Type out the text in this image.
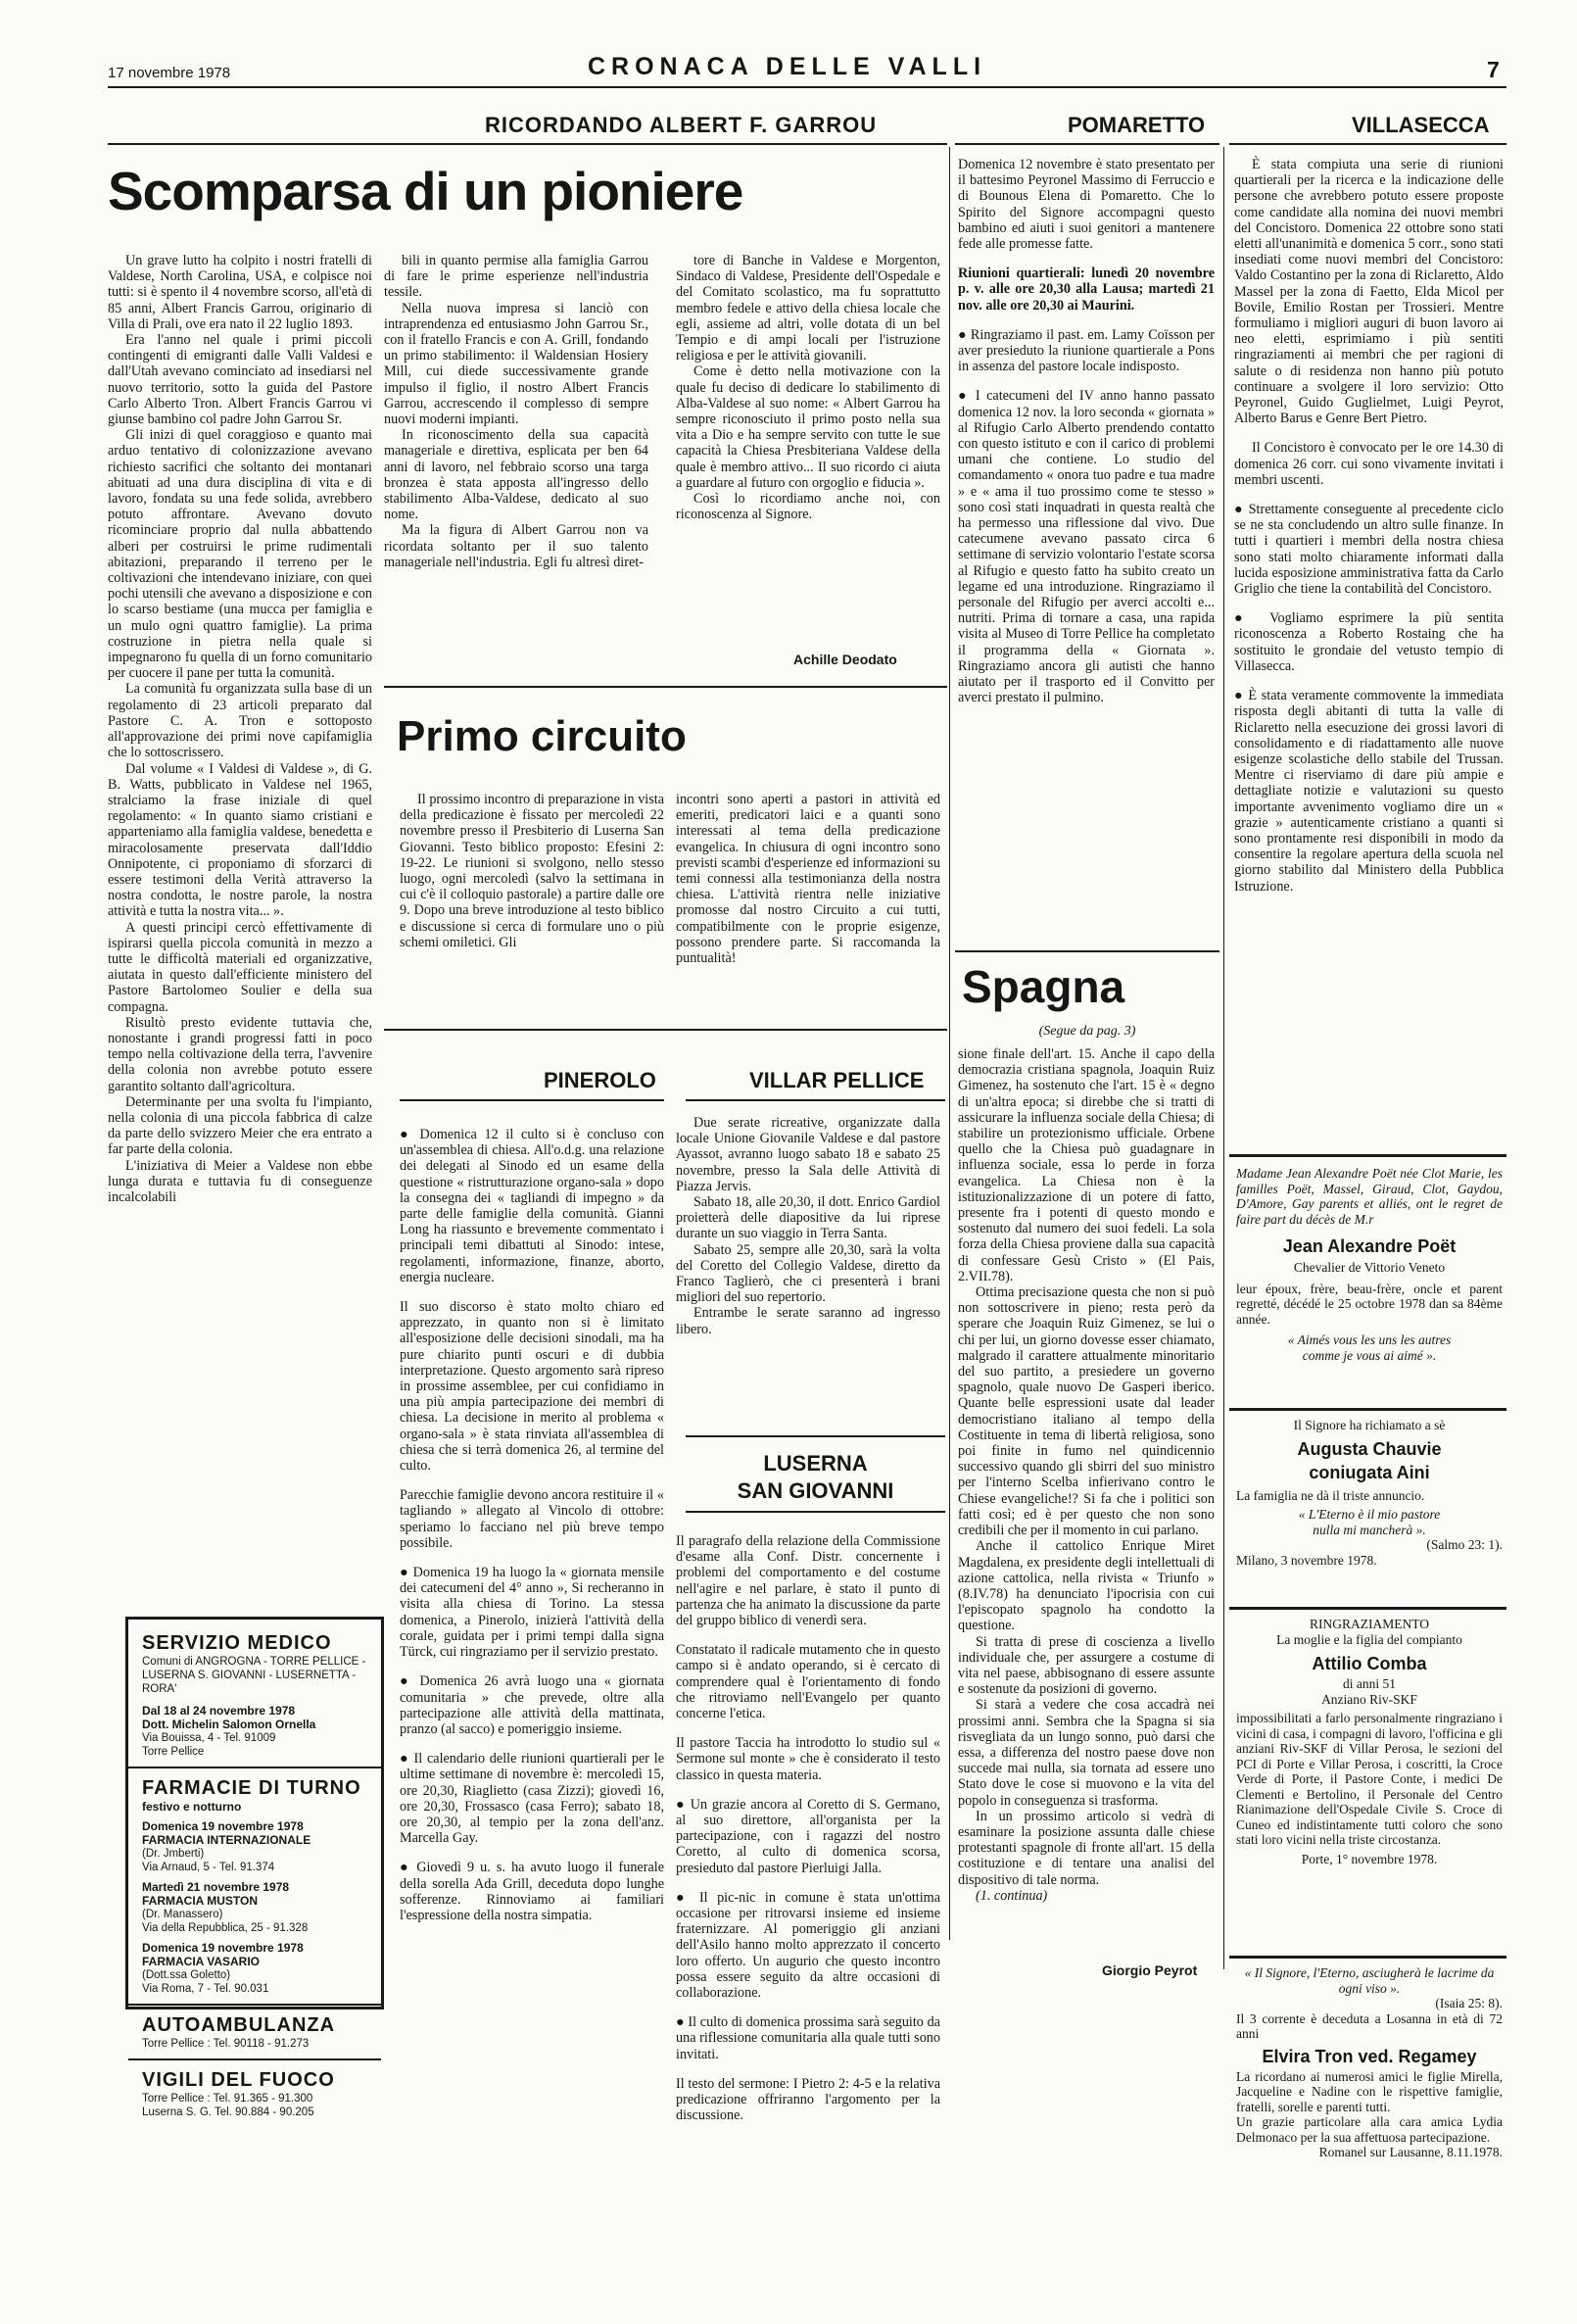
17 novembre 1978	CRONACA DELLE VALLI	7
RICORDANDO ALBERT F. GARROU	POMARETTO	VILLASECCA
Scomparsa di un pioniere

Un grave lutto ha colpito i nostri fratelli di Valdese, North Carolina, USA, e colpisce noi tutti: si è spento il 4 novembre scorso, all'età di 85 anni, Albert Francis Garrou, originario di Villa di Prali, ove era nato il 22 luglio 1893.

Era l'anno nel quale i primi piccoli contingenti di emigranti dalle Valli Valdesi e dall'Utah avevano cominciato ad insediarsi nel nuovo territorio, sotto la guida del Pastore Carlo Alberto Tron. Albert Francis Garrou vi giunse bambino col padre John Garrou Sr.

Gli inizi di quel coraggioso e quanto mai arduo tentativo di colonizzazione avevano richiesto sacrifici che soltanto dei montanari abituati ad una dura disciplina di vita e di lavoro, fondata su una fede solida, avrebbero potuto affrontare. Avevano dovuto ricominciare proprio dal nulla abbattendo alberi per costruirsi le prime rudimentali abitazioni, preparando il terreno per le coltivazioni che intendevano iniziare, con quei pochi utensili che avevano a disposizione e con lo scarso bestiame (una mucca per famiglia e un mulo ogni quattro famiglie). La prima costruzione in pietra nella quale si impegnarono fu quella di un forno comunitario per cuocere il pane per tutta la comunità.

La comunità fu organizzata sulla base di un regolamento di 23 articoli preparato dal Pastore C. A. Tron e sottoposto all'approvazione dei primi nove capifamiglia che lo sottoscrissero.

Dal volume « I Valdesi di Valdese », di G. B. Watts, pubblicato in Valdese nel 1965, stralciamo la frase iniziale di quel regolamento: « In quanto siamo cristiani e apparteniamo alla famiglia valdese, benedetta e miracolosamente preservata dall'Iddio Onnipotente, ci proponiamo di sforzarci di essere testimoni della Verità attraverso la nostra condotta, le nostre parole, la nostra attività e tutta la nostra vita... ».

A questi principi cercò effettivamente di ispirarsi quella piccola comunità in mezzo a tutte le difficoltà materiali ed organizzative, aiutata in questo dall'efficiente ministero del Pastore Bartolomeo Soulier e della sua compagna.

Risultò presto evidente tuttavia che, nonostante i grandi progressi fatti in poco tempo nella coltivazione della terra, l'avvenire della colonia non avrebbe potuto essere garantito soltanto dall'agricoltura.

Determinante per una svolta fu l'impianto, nella colonia di una piccola fabbrica di calze da parte dello svizzero Meier che era entrato a far parte della colonia.

L'iniziativa di Meier a Valdese non ebbe lunga durata e tuttavia fu di conseguenze incalcolabili

bili in quanto permise alla famiglia Garrou di fare le prime esperienze nell'industria tessile.

Nella nuova impresa si lanciò con intraprendenza ed entusiasmo John Garrou Sr., con il fratello Francis e con A. Grill, fondando un primo stabilimento: il Waldensian Hosiery Mill, cui diede successivamente grande impulso il figlio, il nostro Albert Francis Garrou, accrescendo il complesso di sempre nuovi moderni impianti.

In riconoscimento della sua capacità manageriale e direttiva, esplicata per ben 64 anni di lavoro, nel febbraio scorso una targa bronzea è stata apposta all'ingresso dello stabilimento Alba-Valdese, dedicato al suo nome.

Ma la figura di Albert Garrou non va ricordata soltanto per il suo talento manageriale nell'industria. Egli fu altresì diret-

tore di Banche in Valdese e Morgenton, Sindaco di Valdese, Presidente dell'Ospedale e del Comitato scolastico, ma fu soprattutto membro fedele e attivo della chiesa locale che egli, assieme ad altri, volle dotata di un bel Tempio e di ampi locali per l'istruzione religiosa e per le attività giovanili.

Come è detto nella motivazione con la quale fu deciso di dedicare lo stabilimento di Alba-Valdese al suo nome: « Albert Garrou ha sempre riconosciuto il primo posto nella sua vita a Dio e ha sempre servito con tutte le sue capacità la Chiesa Presbiteriana Valdese della quale è membro attivo... Il suo ricordo ci aiuta a guardare al futuro con orgoglio e fiducia ».

Così lo ricordiamo anche noi, con riconoscenza al Signore.

Achille Deodato
Primo circuito

Il prossimo incontro di preparazione in vista della predicazione è fissato per mercoledì 22 novembre presso il Presbiterio di Luserna San Giovanni. Testo biblico proposto: Efesini 2: 19-22. Le riunioni si svolgono, nello stesso luogo, ogni mercoledì (salvo la settimana in cui c'è il colloquio pastorale) a partire dalle ore 9. Dopo una breve introduzione al testo biblico e discussione si cerca di formulare uno o più schemi omiletici. Gli

incontri sono aperti a pastori in attività ed emeriti, predicatori laici e a quanti sono interessati al tema della predicazione evangelica. In chiusura di ogni incontro sono previsti scambi d'esperienze ed informazioni su temi connessi alla testimonianza della nostra chiesa. L'attività rientra nelle iniziative promosse dal nostro Circuito a cui tutti, compatibilmente con le proprie esigenze, possono prendere parte. Si raccomanda la puntualità!

PINEROLO	VILLAR PELLICE

● Domenica 12 il culto si è concluso con un'assemblea di chiesa. All'o.d.g. una relazione dei delegati al Sinodo ed un esame della questione « ristrutturazione organo-sala » dopo la consegna dei « tagliandi di impegno » da parte delle famiglie della comunità. Gianni Long ha riassunto e brevemente commentato i principali temi dibattuti al Sinodo: intese, regolamenti, informazione, finanze, aborto, energia nucleare.

Il suo discorso è stato molto chiaro ed apprezzato, in quanto non si è limitato all'esposizione delle decisioni sinodali, ma ha pure chiarito punti oscuri e di dubbia interpretazione. Questo argomento sarà ripreso in prossime assemblee, per cui confidiamo in una più ampia partecipazione dei membri di chiesa. La decisione in merito al problema « organo-sala » è stata rinviata all'assemblea di chiesa che si terrà domenica 26, al termine del culto.

Parecchie famiglie devono ancora restituire il « tagliando » allegato al Vincolo di ottobre: speriamo lo facciano nel più breve tempo possibile.

● Domenica 19 ha luogo la « giornata mensile dei catecumeni del 4° anno », Si recheranno in visita alla chiesa di Torino. La stessa domenica, a Pinerolo, inizierà l'attività della corale, guidata per i primi tempi dalla signa Türck, cui ringraziamo per il servizio prestato.

● Domenica 26 avrà luogo una « giornata comunitaria » che prevede, oltre alla partecipazione alle attività della mattinata, pranzo (al sacco) e pomeriggio insieme.

● Il calendario delle riunioni quartierali per le ultime settimane di novembre è: mercoledì 15, ore 20,30, Riaglietto (casa Zizzi); giovedì 16, ore 20,30, Frossasco (casa Ferro); sabato 18, ore 20,30, al tempio per la zona dell'anz. Marcella Gay.

● Giovedì 9 u. s. ha avuto luogo il funerale della sorella Ada Grill, deceduta dopo lunghe sofferenze. Rinnoviamo ai familiari l'espressione della nostra simpatia.

Due serate ricreative, organizzate dalla locale Unione Giovanile Valdese e dal pastore Ayassot, avranno luogo sabato 18 e sabato 25 novembre, presso la Sala delle Attività di Piazza Jervis.

Sabato 18, alle 20,30, il dott. Enrico Gardiol proietterà delle diapositive da lui riprese durante un suo viaggio in Terra Santa.

Sabato 25, sempre alle 20,30, sarà la volta del Coretto del Collegio Valdese, diretto da Franco Taglierò, che ci presenterà i brani migliori del suo repertorio.

Entrambe le serate saranno ad ingresso libero.

LUSERNA
SAN GIOVANNI

Il paragrafo della relazione della Commissione d'esame alla Conf. Distr. concernente i problemi del comportamento e del costume nell'agire e nel parlare, è stato il punto di partenza che ha animato la discussione da parte del gruppo biblico di venerdì sera.

Constatato il radicale mutamento che in questo campo si è andato operando, si è cercato di comprendere qual è l'orientamento di fondo che ritroviamo nell'Evangelo per quanto concerne l'etica.

Il pastore Taccia ha introdotto lo studio sul « Sermone sul monte » che è considerato il testo classico in questa materia.

● Un grazie ancora al Coretto di S. Germano, al suo direttore, all'organista per la partecipazione, con i ragazzi del nostro Coretto, al culto di domenica scorsa, presieduto dal pastore Pierluigi Jalla.

● Il pic-nic in comune è stata un'ottima occasione per ritrovarsi insieme ed insieme fraternizzare. Al pomeriggio gli anziani dell'Asilo hanno molto apprezzato il concerto loro offerto. Un augurio che questo incontro possa essere seguito da altre occasioni di collaborazione.

● Il culto di domenica prossima sarà seguito da una riflessione comunitaria alla quale tutti sono invitati.

Il testo del sermone: I Pietro 2: 4-5 e la relativa predicazione offriranno l'argomento per la discussione.

SERVIZIO MEDICO
Comuni di ANGROGNA - TORRE PELLICE - LUSERNA S. GIOVANNI - LUSERNETTA - RORA'
Dal 18 al 24 novembre 1978
Dott. Michelin Salomon Ornella
Via Bouissa, 4 - Tel. 91009
Torre Pellice
FARMACIE DI TURNO
festivo e notturno
Domenica 19 novembre 1978
FARMACIA INTERNAZIONALE
(Dr. Jmberti)
Via Arnaud, 5 - Tel. 91.374
Martedì 21 novembre 1978
FARMACIA MUSTON
(Dr. Manassero)
Via della Repubblica, 25 - 91.328
Domenica 19 novembre 1978
FARMACIA VASARIO
(Dott.ssa Goletto)
Via Roma, 7 - Tel. 90.031
AUTOAMBULANZA
Torre Pellice : Tel. 90118 - 91.273
VIGILI DEL FUOCO
Torre Pellice : Tel. 91.365 - 91.300
Luserna S. G. Tel. 90.884 - 90.205

Domenica 12 novembre è stato presentato per il battesimo Peyronel Massimo di Ferruccio e di Bounous Elena di Pomaretto. Che lo Spirito del Signore accompagni questo bambino ed aiuti i suoi genitori a mantenere fede alle promesse fatte.

Riunioni quartierali: lunedì 20 novembre p. v. alle ore 20,30 alla Lausa; martedì 21 nov. alle ore 20,30 ai Maurini.

● Ringraziamo il past. em. Lamy Coïsson per aver presieduto la riunione quartierale a Pons in assenza del pastore locale indisposto.

● I catecumeni del IV anno hanno passato domenica 12 nov. la loro seconda « giornata » al Rifugio Carlo Alberto prendendo contatto con questo istituto e con il carico di problemi umani che contiene. Lo studio del comandamento « onora tuo padre e tua madre » e « ama il tuo prossimo come te stesso » sono così stati inquadrati in questa realtà che ha permesso una riflessione dal vivo. Due catecumene avevano passato circa 6 settimane di servizio volontario l'estate scorsa al Rifugio e questo fatto ha subito creato un legame ed una introduzione. Ringraziamo il personale del Rifugio per averci accolti e... nutriti. Prima di tornare a casa, una rapida visita al Museo di Torre Pellice ha completato il programma della « Giornata ». Ringraziamo ancora gli autisti che hanno aiutato per il trasporto ed il Convitto per averci prestato il pulmino.

Spagna
(Segue da pag. 3)

sione finale dell'art. 15. Anche il capo della democrazia cristiana spagnola, Joaquin Ruiz Gimenez, ha sostenuto che l'art. 15 è « degno di un'altra epoca; si direbbe che si tratti di assicurare la influenza sociale della Chiesa; di stabilire un protezionismo ufficiale. Orbene quello che la Chiesa può guadagnare in influenza sociale, essa lo perde in forza evangelica. La Chiesa non è la istituzionalizzazione di un potere di fatto, presente fra i potenti di questo mondo e sostenuto dal numero dei suoi fedeli. La sola forza della Chiesa proviene dalla sua capacità di confessare Gesù Cristo » (El Pais, 2.VII.78).

Ottima precisazione questa che non si può non sottoscrivere in pieno; resta però da sperare che Joaquin Ruiz Gimenez, se lui o chi per lui, un giorno dovesse esser chiamato, malgrado il carattere attualmente minoritario del suo partito, a presiedere un governo spagnolo, quale nuovo De Gasperi iberico. Quante belle espressioni usate dal leader democristiano italiano al tempo della Costituente in tema di libertà religiosa, sono poi finite in fumo nel quindicennio successivo quando gli sbirri del suo ministro per l'interno Scelba infierivano contro le Chiese evangeliche!? Si fa che i politici son fatti così; ed è per questo che non sono credibili che per il momento in cui parlano.

Anche il cattolico Enrique Miret Magdalena, ex presidente degli intellettuali di azione cattolica, nella rivista « Triunfo » (8.IV.78) ha denunciato l'ipocrisia con cui l'episcopato spagnolo ha condotto la questione.

Si tratta di prese di coscienza a livello individuale che, per assurgere a costume di vita nel paese, abbisognano di essere assunte e sostenute da posizioni di governo.

Si starà a vedere che cosa accadrà nei prossimi anni. Sembra che la Spagna si sia risvegliata da un lungo sonno, può darsi che essa, a differenza del nostro paese dove non succede mai nulla, sia tornata ad essere uno Stato dove le cose si muovono e la vita del popolo in conseguenza si trasforma.

In un prossimo articolo si vedrà di esaminare la posizione assunta dalle chiese protestanti spagnole di fronte all'art. 15 della costituzione e di tentare una analisi del dispositivo di tale norma.

(1. continua)

Giorgio Peyrot

È stata compiuta una serie di riunioni quartierali per la ricerca e la indicazione delle persone che avrebbero potuto essere proposte come candidate alla nomina dei nuovi membri del Concistoro. Domenica 22 ottobre sono stati eletti all'unanimità e domenica 5 corr., sono stati insediati come nuovi membri del Concistoro: Valdo Costantino per la zona di Riclaretto, Aldo Massel per la zona di Faetto, Elda Micol per Bovile, Emilio Rostan per Trossieri. Mentre formuliamo i migliori auguri di buon lavoro ai neo eletti, esprimiamo i più sentiti ringraziamenti ai membri che per ragioni di salute o di residenza non hanno più potuto continuare a svolgere il loro servizio: Otto Peyronel, Guido Guglielmet, Luigi Peyrot, Alberto Barus e Genre Bert Pietro.

Il Concistoro è convocato per le ore 14.30 di domenica 26 corr. cui sono vivamente invitati i membri uscenti.

● Strettamente conseguente al precedente ciclo se ne sta concludendo un altro sulle finanze. In tutti i quartieri i membri della nostra chiesa sono stati molto chiaramente informati dalla lucida esposizione amministrativa fatta da Carlo Griglio che tiene la contabilità del Concistoro.

● Vogliamo esprimere la più sentita riconoscenza a Roberto Rostaing che ha sostituito le grondaie del vetusto tempio di Villasecca.

● È stata veramente commovente la immediata risposta degli abitanti di tutta la valle di Riclaretto nella esecuzione dei grossi lavori di consolidamento e di riadattamento alle nuove esigenze scolastiche dello stabile del Trussan. Mentre ci riserviamo di dare più ampie e dettagliate notizie e valutazioni su questo importante avvenimento vogliamo dire un « grazie » autenticamente cristiano a quanti si sono prontamente resi disponibili in modo da consentire la regolare apertura della scuola nel giorno stabilito dal Ministero della Pubblica Istruzione.

Madame Jean Alexandre Poët née Clot Marie, les familles Poët, Massel, Giraud, Clot, Gaydou, D'Amore, Gay parents et alliés, ont le regret de faire part du décès de M.r
Jean Alexandre Poët
Chevalier de Vittorio Veneto
leur époux, frère, beau-frère, oncle et parent regretté, décédé le 25 octobre 1978 dan sa 84ème année.
« Aimés vous les uns les autres
comme je vous ai aimé ».
Il Signore ha richiamato a sè
Augusta Chauvie
coniugata Aini
La famiglia ne dà il triste annuncio.
« L'Eterno è il mio pastore
nulla mi mancherà ».
(Salmo 23: 1).
Milano, 3 novembre 1978.
RINGRAZIAMENTO
La moglie e la figlia del compianto
Attilio Comba
di anni 51
Anziano Riv-SKF
impossibilitati a farlo personalmente ringraziano i vicini di casa, i compagni di lavoro, l'officina e gli anziani Riv-SKF di Villar Perosa, le sezioni del PCI di Porte e Villar Perosa, i coscritti, la Croce Verde di Porte, il Pastore Conte, i medici De Clementi e Bertolino, il Personale del Centro Rianimazione dell'Ospedale Civile S. Croce di Cuneo ed indistintamente tutti coloro che sono stati loro vicini nella triste circostanza.
Porte, 1° novembre 1978.
« Il Signore, l'Eterno, asciugherà le lacrime da ogni viso ».
(Isaia 25: 8).
Il 3 corrente è deceduta a Losanna in età di 72 anni
Elvira Tron ved. Regamey
La ricordano ai numerosi amici le figlie Mirella, Jacqueline e Nadine con le rispettive famiglie, fratelli, sorelle e parenti tutti.
Un grazie particolare alla cara amica Lydia Delmonaco per la sua affettuosa partecipazione.
Romanel sur Lausanne, 8.11.1978.
